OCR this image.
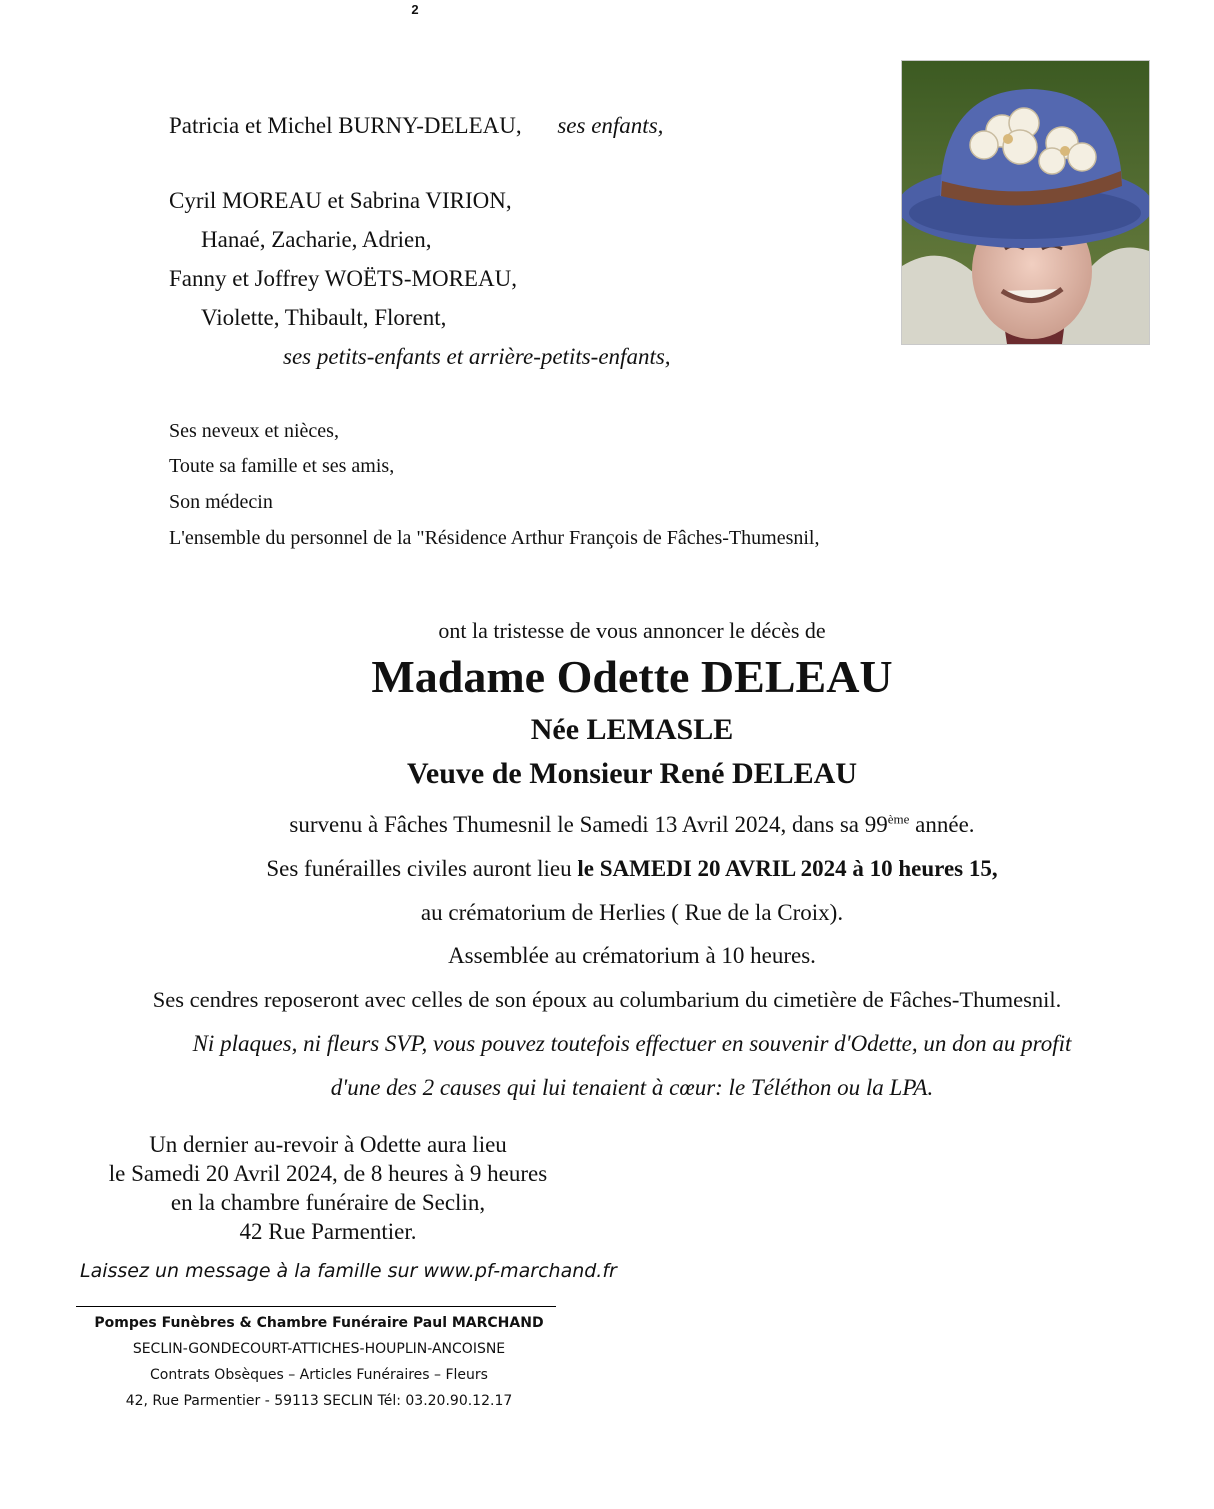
2
Patricia et Michel BURNY-DELEAU, ses enfants,
Cyril MOREAU et Sabrina VIRION,
Hanaé, Zacharie, Adrien,
Fanny et Joffrey WOËTS-MOREAU,
Violette, Thibault, Florent,
ses petits-enfants et arrière-petits-enfants,
Ses neveux et nièces,
Toute sa famille et ses amis,
Son médecin
L'ensemble du personnel de la "Résidence Arthur François de Fâches-Thumesnil,
ont la tristesse de vous annoncer le décès de
Madame Odette DELEAU
Née LEMASLE
Veuve de Monsieur René DELEAU
survenu à Fâches Thumesnil le Samedi 13 Avril 2024, dans sa 99ème année.
Ses funérailles civiles auront lieu le SAMEDI 20 AVRIL 2024 à 10 heures 15,
au crématorium de Herlies ( Rue de la Croix).
Assemblée au crématorium à 10 heures.
Ses cendres reposeront avec celles de son époux au columbarium du cimetière de Fâches-Thumesnil.
Ni plaques, ni fleurs SVP, vous pouvez toutefois effectuer en souvenir d'Odette, un don au profit
d'une des 2 causes qui lui tenaient à cœur: le Téléthon ou la LPA.
Un dernier au-revoir à Odette aura lieu
le Samedi 20 Avril 2024, de 8 heures à 9 heures
en la chambre funéraire de Seclin,
42 Rue Parmentier.
Laissez un message à la famille sur www.pf-marchand.fr
Pompes Funèbres & Chambre Funéraire Paul MARCHAND
SECLIN-GONDECOURT-ATTICHES-HOUPLIN-ANCOISNE
Contrats Obsèques – Articles Funéraires – Fleurs
42, Rue Parmentier - 59113 SECLIN Tél: 03.20.90.12.17
